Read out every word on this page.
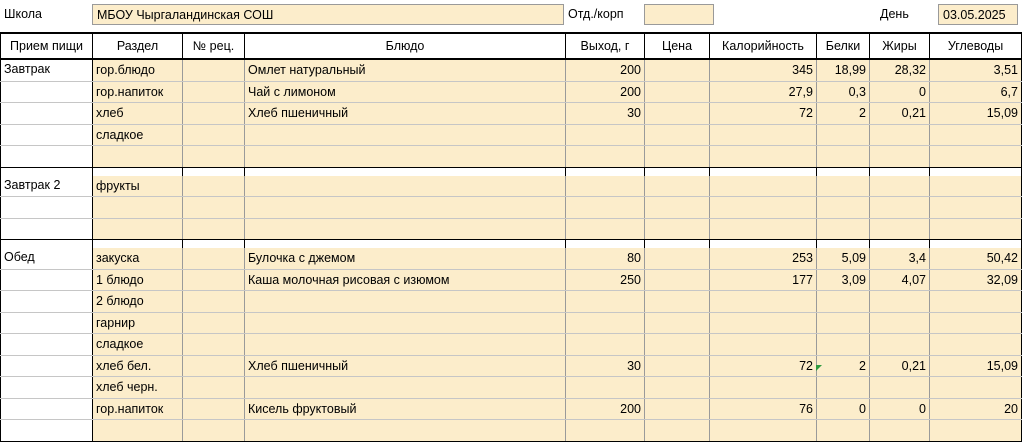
Школа	МБОУ Чыргаландинская СОШ	Отд./корп	День	03.05.2025
Прием пищи	Раздел	№ рец.	Блюдо	Выход, г	Цена	Калорийность	Белки	Жиры	Углеводы
Завтрак	гор.блюдо		Омлет натуральный	200		345	18,99	28,32	3,51
	гор.напиток		Чай с лимоном	200		27,9	0,3	0	6,7
	хлеб		Хлеб пшеничный	30		72	2	0,21	15,09
	сладкое								

Завтрак 2	фрукты								

Обед	закуска		Булочка с джемом	80		253	5,09	3,4	50,42
	1 блюдо		Каша молочная рисовая с изюмом	250		177	3,09	4,07	32,09
	2 блюдо								
	гарнир								
	сладкое								
	хлеб бел.		Хлеб пшеничный	30		72	2	0,21	15,09
	хлеб черн.								
	гор.напиток		Кисель фруктовый	200		76	0	0	20
